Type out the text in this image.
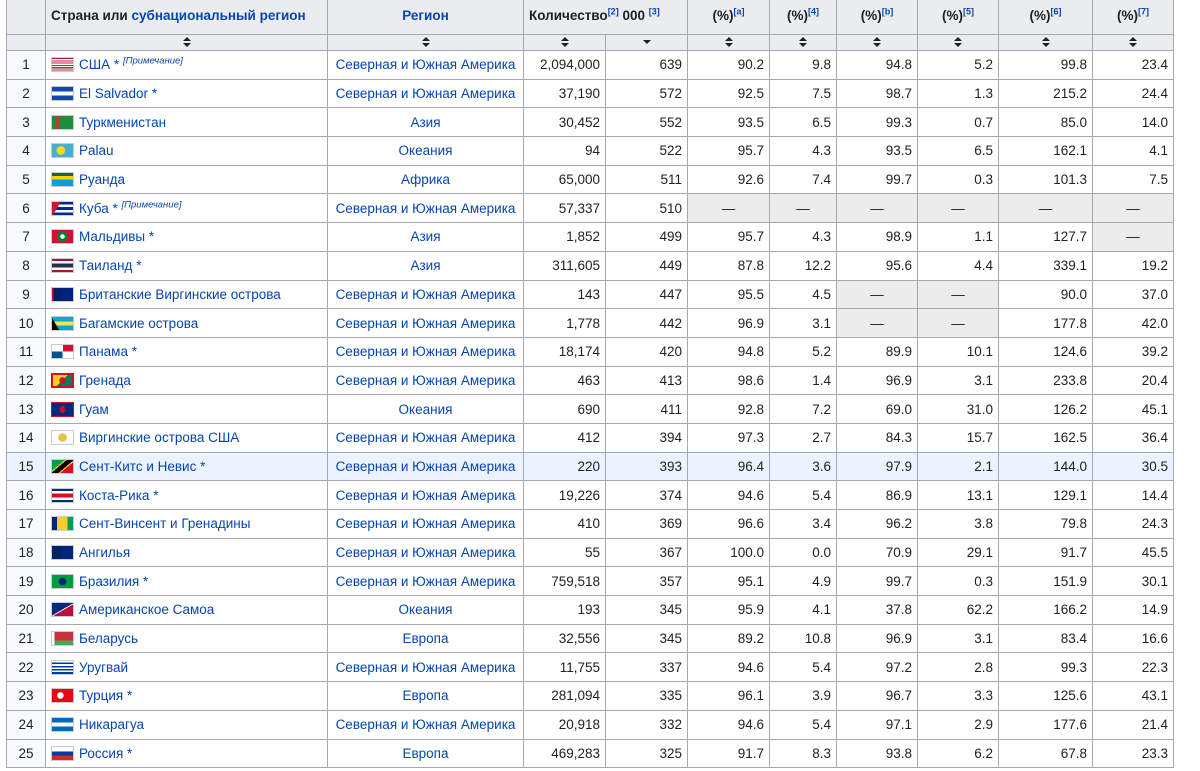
	Страна или субнациональный регион	Регион	Количество[2] 000 [3]		(%)[a]	(%)[4]	(%)[b]	(%)[5]	(%)[6]	(%)[7]

1	США * [Примечание]	Северная и Южная Америка	2,094,000	639	90.2	9.8	94.8	5.2	99.8	23.4
2	El Salvador *	Северная и Южная Америка	37,190	572	92.5	7.5	98.7	1.3	215.2	24.4
3	Туркменистан	Азия	30,452	552	93.5	6.5	99.3	0.7	85.0	14.0
4	Palau	Океания	94	522	95.7	4.3	93.5	6.5	162.1	4.1
5	Руанда	Африка	65,000	511	92.6	7.4	99.7	0.3	101.3	7.5
6	Куба * [Примечание]	Северная и Южная Америка	57,337	510	—	—	—	—	—	—
7	Мальдивы *	Азия	1,852	499	95.7	4.3	98.9	1.1	127.7	—
8	Таиланд *	Азия	311,605	449	87.8	12.2	95.6	4.4	339.1	19.2
9	Британские Виргинские острова	Северная и Южная Америка	143	447	95.5	4.5	—	—	90.0	37.0
10	Багамские острова	Северная и Южная Америка	1,778	442	96.9	3.1	—	—	177.8	42.0
11	Панама *	Северная и Южная Америка	18,174	420	94.8	5.2	89.9	10.1	124.6	39.2
12	Гренада	Северная и Южная Америка	463	413	98.6	1.4	96.9	3.1	233.8	20.4
13	Гуам	Океания	690	411	92.8	7.2	69.0	31.0	126.2	45.1
14	Виргинские острова США	Северная и Южная Америка	412	394	97.3	2.7	84.3	15.7	162.5	36.4
15	Сент-Китс и Невис *	Северная и Южная Америка	220	393	96.4	3.6	97.9	2.1	144.0	30.5
16	Коста-Рика *	Северная и Южная Америка	19,226	374	94.6	5.4	86.9	13.1	129.1	14.4
17	Сент-Винсент и Гренадины	Северная и Южная Америка	410	369	96.6	3.4	96.2	3.8	79.8	24.3
18	Ангилья	Северная и Южная Америка	55	367	100.0	0.0	70.9	29.1	91.7	45.5
19	Бразилия *	Северная и Южная Америка	759,518	357	95.1	4.9	99.7	0.3	151.9	30.1
20	Американское Самоа	Океания	193	345	95.9	4.1	37.8	62.2	166.2	14.9
21	Беларусь	Европа	32,556	345	89.2	10.8	96.9	3.1	83.4	16.6
22	Уругвай	Северная и Южная Америка	11,755	337	94.6	5.4	97.2	2.8	99.3	22.3
23	Турция *	Европа	281,094	335	96.1	3.9	96.7	3.3	125.6	43.1
24	Никарагуа	Северная и Южная Америка	20,918	332	94.6	5.4	97.1	2.9	177.6	21.4
25	Россия *	Европа	469,283	325	91.7	8.3	93.8	6.2	67.8	23.3
